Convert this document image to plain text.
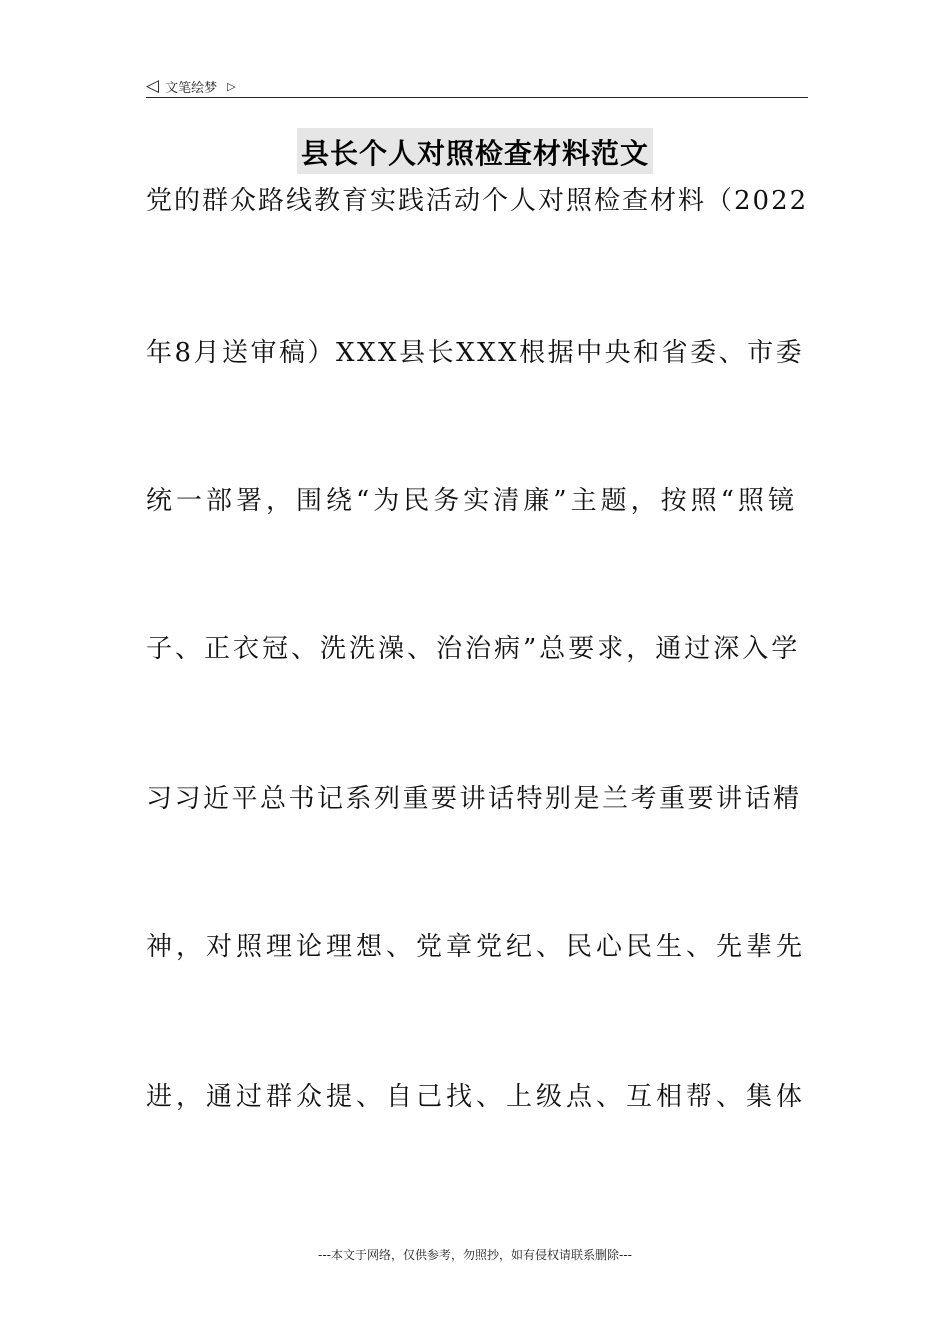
◁ 文笔绘梦 ▷
县长个人对照检查材料范文
党的群众路线教育实践活动个人对照检查材料（2022
年8月送审稿）XXX县长XXX根据中央和省委、市委
统一部署，围绕“为民务实清廉”主题，按照“照镜
子、正衣冠、洗洗澡、治治病”总要求，通过深入学
习习近平总书记系列重要讲话特别是兰考重要讲话精
神，对照理论理想、党章党纪、民心民生、先辈先
进，通过群众提、自己找、上级点、互相帮、集体
---本文于网络，仅供参考，勿照抄，如有侵权请联系删除---
